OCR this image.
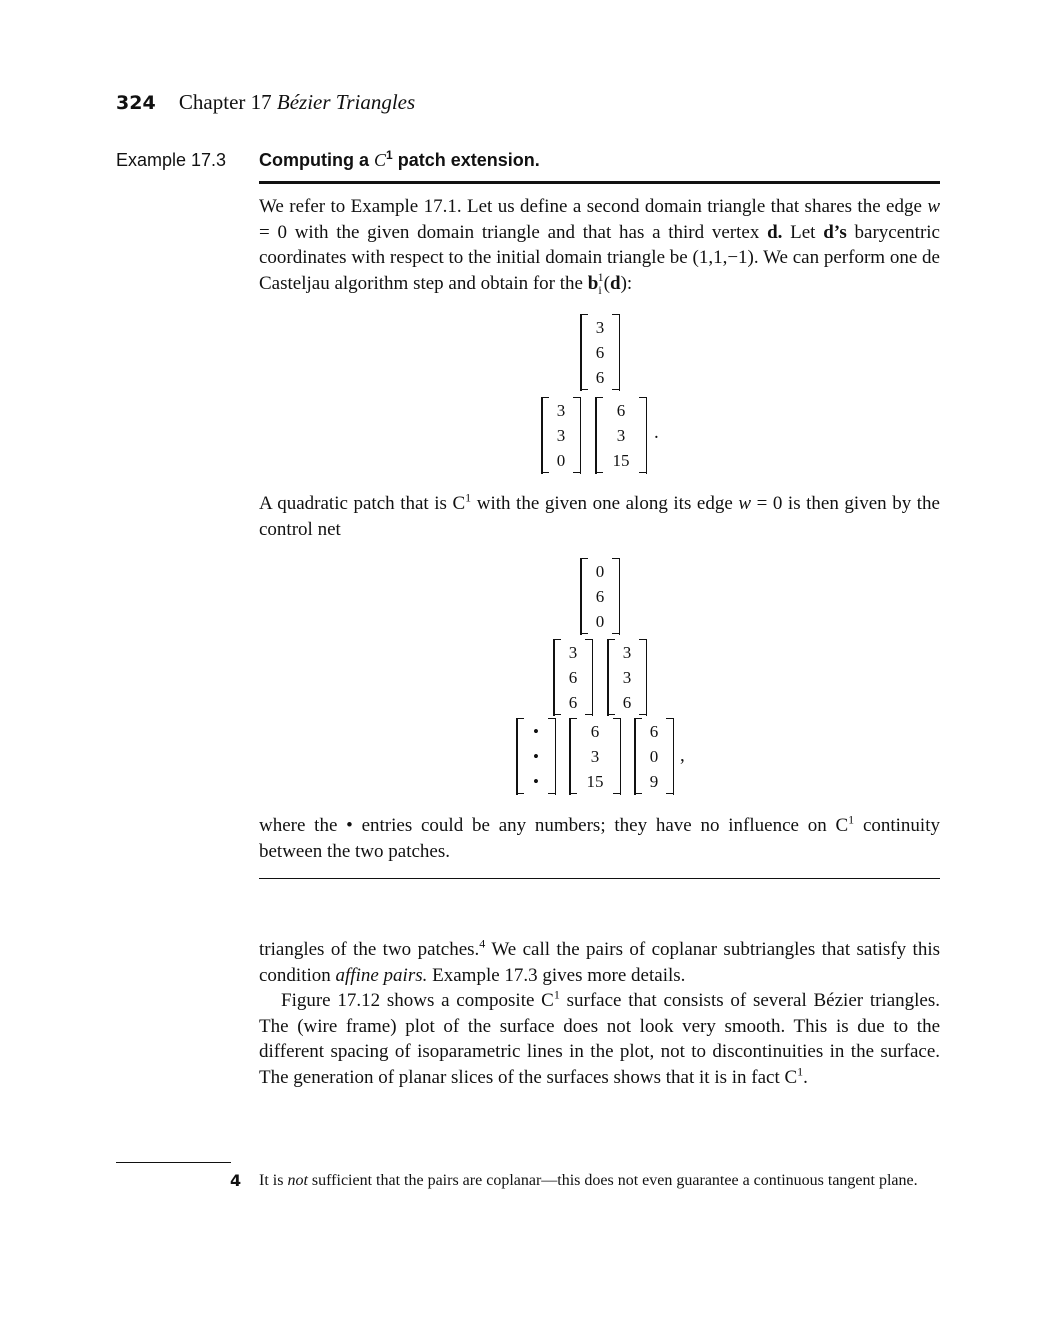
324 Chapter 17 Bézier Triangles
Example 17.3 Computing a $C^1$ patch extension.

We refer to Example 17.1. Let us define a second domain triangle that shares the edge w = 0 with the given domain triangle and that has a third vertex d. Let d’s barycentric coordinates with respect to the initial domain triangle be (1,1,−1). We can perform one de Casteljau algorithm step and obtain for the $b_i^1(d)$:

3
6
6
3
3
0
6
3
15
.

A quadratic patch that is $C^1$ with the given one along its edge w = 0 is then given by the control net

0
6
0
3
6
6
3
3
6
•
•
•
6
3
15
6
0
9
,

where the • entries could be any numbers; they have no influence on $C^1$ continuity between the two patches.

triangles of the two patches.$^4$ We call the pairs of coplanar subtriangles that satisfy this condition affine pairs. Example 17.3 gives more details.

Figure 17.12 shows a composite $C^1$ surface that consists of several Bézier triangles. The (wire frame) plot of the surface does not look very smooth. This is due to the different spacing of isoparametric lines in the plot, not to discontinuities in the surface. The generation of planar slices of the surfaces shows that it is in fact $C^1$.

4 It is not sufficient that the pairs are coplanar—this does not even guarantee a continuous tangent plane.
